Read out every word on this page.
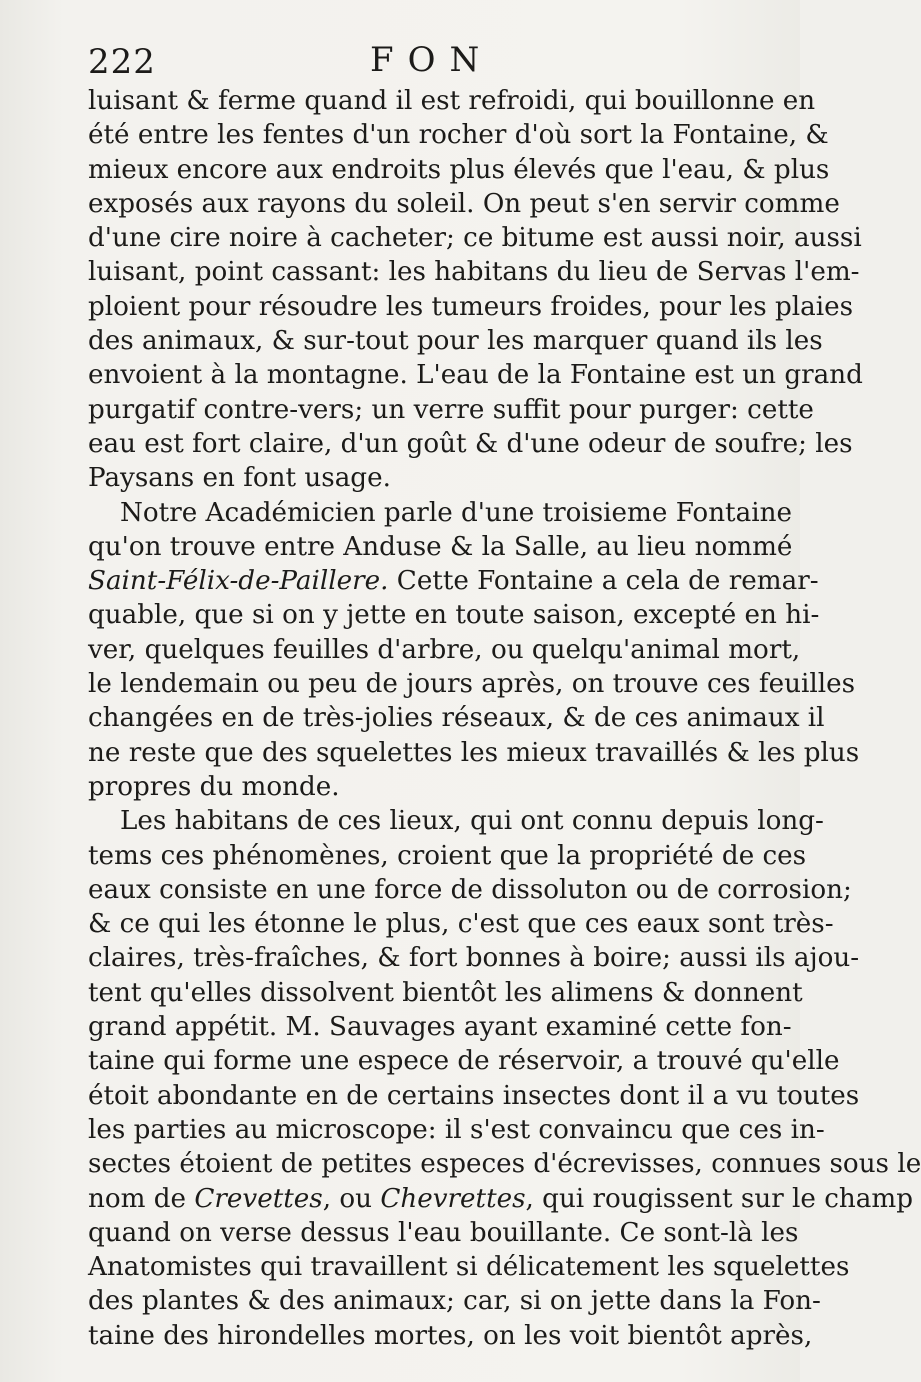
222	FON
luisant & ferme quand il est refroidi, qui bouillonne en
été entre les fentes d'un rocher d'où sort la Fontaine, &
mieux encore aux endroits plus élevés que l'eau, & plus
exposés aux rayons du soleil. On peut s'en servir comme
d'une cire noire à cacheter; ce bitume est aussi noir, aussi
luisant, point cassant: les habitans du lieu de Servas l'em-
ploient pour résoudre les tumeurs froides, pour les plaies
des animaux, & sur-tout pour les marquer quand ils les
envoient à la montagne. L'eau de la Fontaine est un grand
purgatif contre-vers; un verre suffit pour purger: cette
eau est fort claire, d'un goût & d'une odeur de soufre; les
Paysans en font usage.
Notre Académicien parle d'une troisieme Fontaine
qu'on trouve entre Anduse & la Salle, au lieu nommé
Saint-Félix-de-Paillere. Cette Fontaine a cela de remar-
quable, que si on y jette en toute saison, excepté en hi-
ver, quelques feuilles d'arbre, ou quelqu'animal mort,
le lendemain ou peu de jours après, on trouve ces feuilles
changées en de très-jolies réseaux, & de ces animaux il
ne reste que des squelettes les mieux travaillés & les plus
propres du monde.
Les habitans de ces lieux, qui ont connu depuis long-
tems ces phénomènes, croient que la propriété de ces
eaux consiste en une force de dissoluton ou de corrosion;
& ce qui les étonne le plus, c'est que ces eaux sont très-
claires, très-fraîches, & fort bonnes à boire; aussi ils ajou-
tent qu'elles dissolvent bientôt les alimens & donnent
grand appétit. M. Sauvages ayant examiné cette fon-
taine qui forme une espece de réservoir, a trouvé qu'elle
étoit abondante en de certains insectes dont il a vu toutes
les parties au microscope: il s'est convaincu que ces in-
sectes étoient de petites especes d'écrevisses, connues sous le
nom de Crevettes, ou Chevrettes, qui rougissent sur le champ
quand on verse dessus l'eau bouillante. Ce sont-là les
Anatomistes qui travaillent si délicatement les squelettes
des plantes & des animaux; car, si on jette dans la Fon-
taine des hirondelles mortes, on les voit bientôt après,
